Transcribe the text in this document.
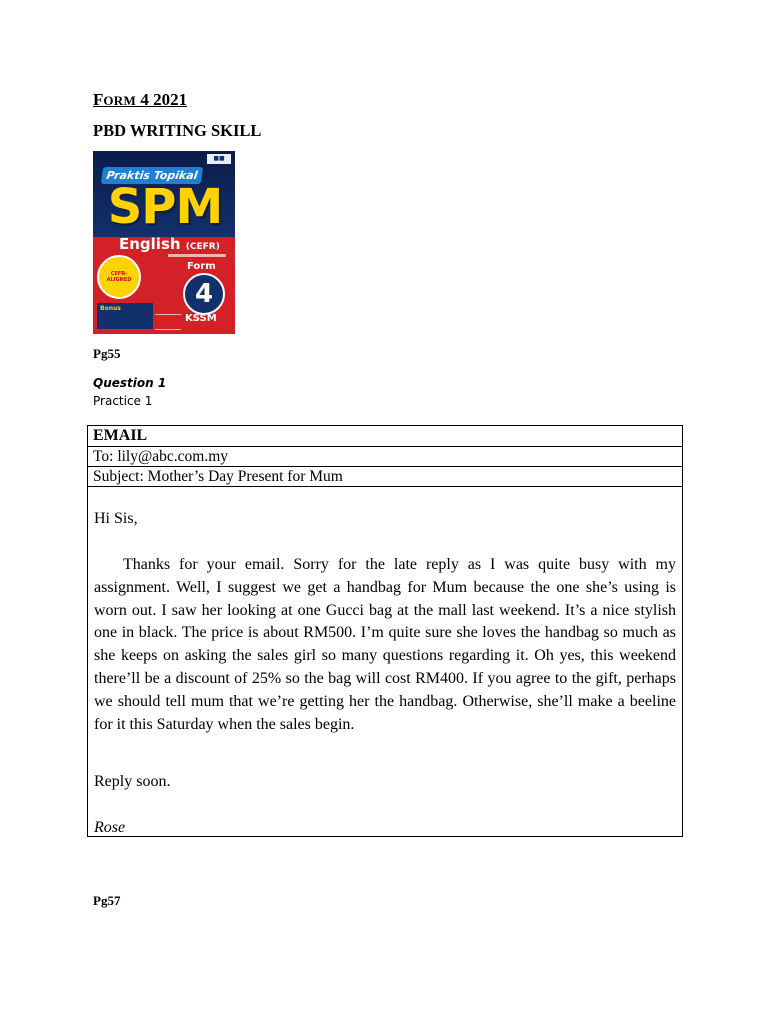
FORM 4 2021
PBD WRITING SKILL
■■
Praktis Topikal
SPM
English (CEFR)
CEFR-ALIGNED
Form
4
KSSM
Bonus
Pg55
Question 1
Practice 1
EMAIL
To: lily@abc.com.my
Subject: Mother’s Day Present for Mum
Hi Sis,
Thanks for your email. Sorry for the late reply as I was quite busy with my assignment. Well, I suggest we get a handbag for Mum because the one she’s using is worn out. I saw her looking at one Gucci bag at the mall last weekend. It’s a nice stylish one in black. The price is about RM500. I’m quite sure she loves the handbag so much as she keeps on asking the sales girl so many questions regarding it. Oh yes, this weekend there’ll be a discount of 25% so the bag will cost RM400. If you agree to the gift, perhaps we should tell mum that we’re getting her the handbag. Otherwise, she’ll make a beeline for it this Saturday when the sales begin.
Reply soon.
Rose
Pg57
